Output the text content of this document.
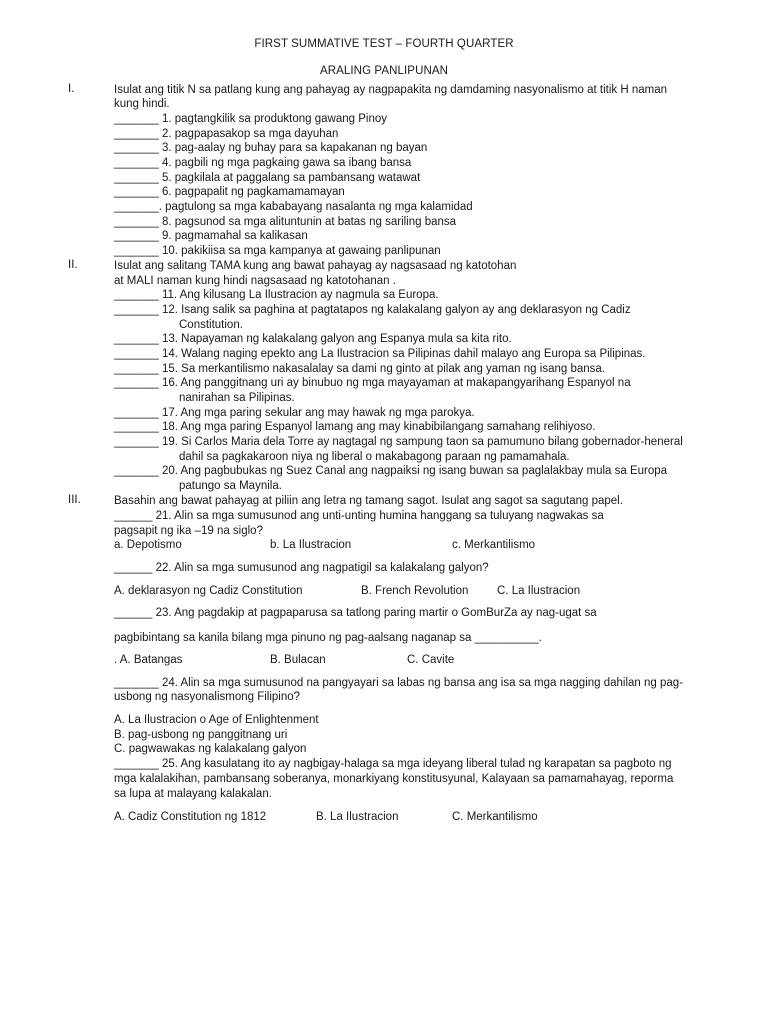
FIRST SUMMATIVE TEST – FOURTH QUARTER
ARALING PANLIPUNAN
I.	Isulat ang titik N sa patlang kung ang pahayag ay nagpapakita ng damdaming nasyonalismo at titik H naman
kung hindi.
_______ 1. pagtangkilik sa produktong gawang Pinoy
_______ 2. pagpapasakop sa mga dayuhan
_______ 3. pag-aalay ng buhay para sa kapakanan ng bayan
_______ 4. pagbili ng mga pagkaing gawa sa ibang bansa
_______ 5. pagkilala at paggalang sa pambansang watawat
_______ 6. pagpapalit ng pagkamamamayan
_______. pagtulong sa mga kababayang nasalanta ng mga kalamidad
_______ 8. pagsunod sa mga alituntunin at batas ng sariling bansa
_______ 9. pagmamahal sa kalikasan
_______ 10. pakikiisa sa mga kampanya at gawaing panlipunan
II.	Isulat ang salitang TAMA kung ang bawat pahayag ay nagsasaad ng katotohan
at MALI naman kung hindi nagsasaad ng katotohanan .
_______ 11. Ang kilusang La Ilustracion ay nagmula sa Europa.
_______ 12. Isang salik sa paghina at pagtatapos ng kalakalang galyon ay ang deklarasyon ng Cadiz
Constitution.
_______ 13. Napayaman ng kalakalang galyon ang Espanya mula sa kita rito.
_______ 14. Walang naging epekto ang La Ilustracion sa Pilipinas dahil malayo ang Europa sa Pilipinas.
_______ 15. Sa merkantilismo nakasalalay sa dami ng ginto at pilak ang yaman ng isang bansa.
_______ 16. Ang panggitnang uri ay binubuo ng mga mayayaman at makapangyarihang Espanyol na
nanirahan sa Pilipinas.
_______ 17. Ang mga paring sekular ang may hawak ng mga parokya.
_______ 18. Ang mga paring Espanyol lamang ang may kinabibilangang samahang relihiyoso.
_______ 19. Si Carlos Maria dela Torre ay nagtagal ng sampung taon sa pamumuno bilang gobernador-heneral
dahil sa pagkakaroon niya ng liberal o makabagong paraan ng pamamahala.
_______ 20. Ang pagbubukas ng Suez Canal ang nagpaiksi ng isang buwan sa paglalakbay mula sa Europa
patungo sa Maynila.
III.	Basahin ang bawat pahayag at piliin ang letra ng tamang sagot. Isulat ang sagot sa sagutang papel.
______ 21. Alin sa mga sumusunod ang unti-unting humina hanggang sa tuluyang nagwakas sa
pagsapit ng ika –19 na siglo?
a. Depotismo	b. La Ilustracion	c. Merkantilismo
______ 22. Alin sa mga sumusunod ang nagpatigil sa kalakalang galyon?
A. deklarasyon ng Cadiz Constitution	B. French Revolution C. La Ilustracion
______ 23. Ang pagdakip at pagpaparusa sa tatlong paring martir o GomBurZa ay nag-ugat sa
pagbibintang sa kanila bilang mga pinuno ng pag-aalsang naganap sa __________.
. A. Batangas	B. Bulacan	C. Cavite
_______ 24. Alin sa mga sumusunod na pangyayari sa labas ng bansa ang isa sa mga nagging dahilan ng pag-
usbong ng nasyonalismong Filipino?
A. La Ilustracion o Age of Enlightenment
B. pag-usbong ng panggitnang uri
C. pagwawakas ng kalakalang galyon
_______ 25. Ang kasulatang ito ay nagbigay-halaga sa mga ideyang liberal tulad ng karapatan sa pagboto ng
mga kalalakihan, pambansang soberanya, monarkiyang konstitusyunal, Kalayaan sa pamamahayag, reporma
sa lupa at malayang kalakalan.
A. Cadiz Constitution ng 1812	B. La Ilustracion	C. Merkantilismo
